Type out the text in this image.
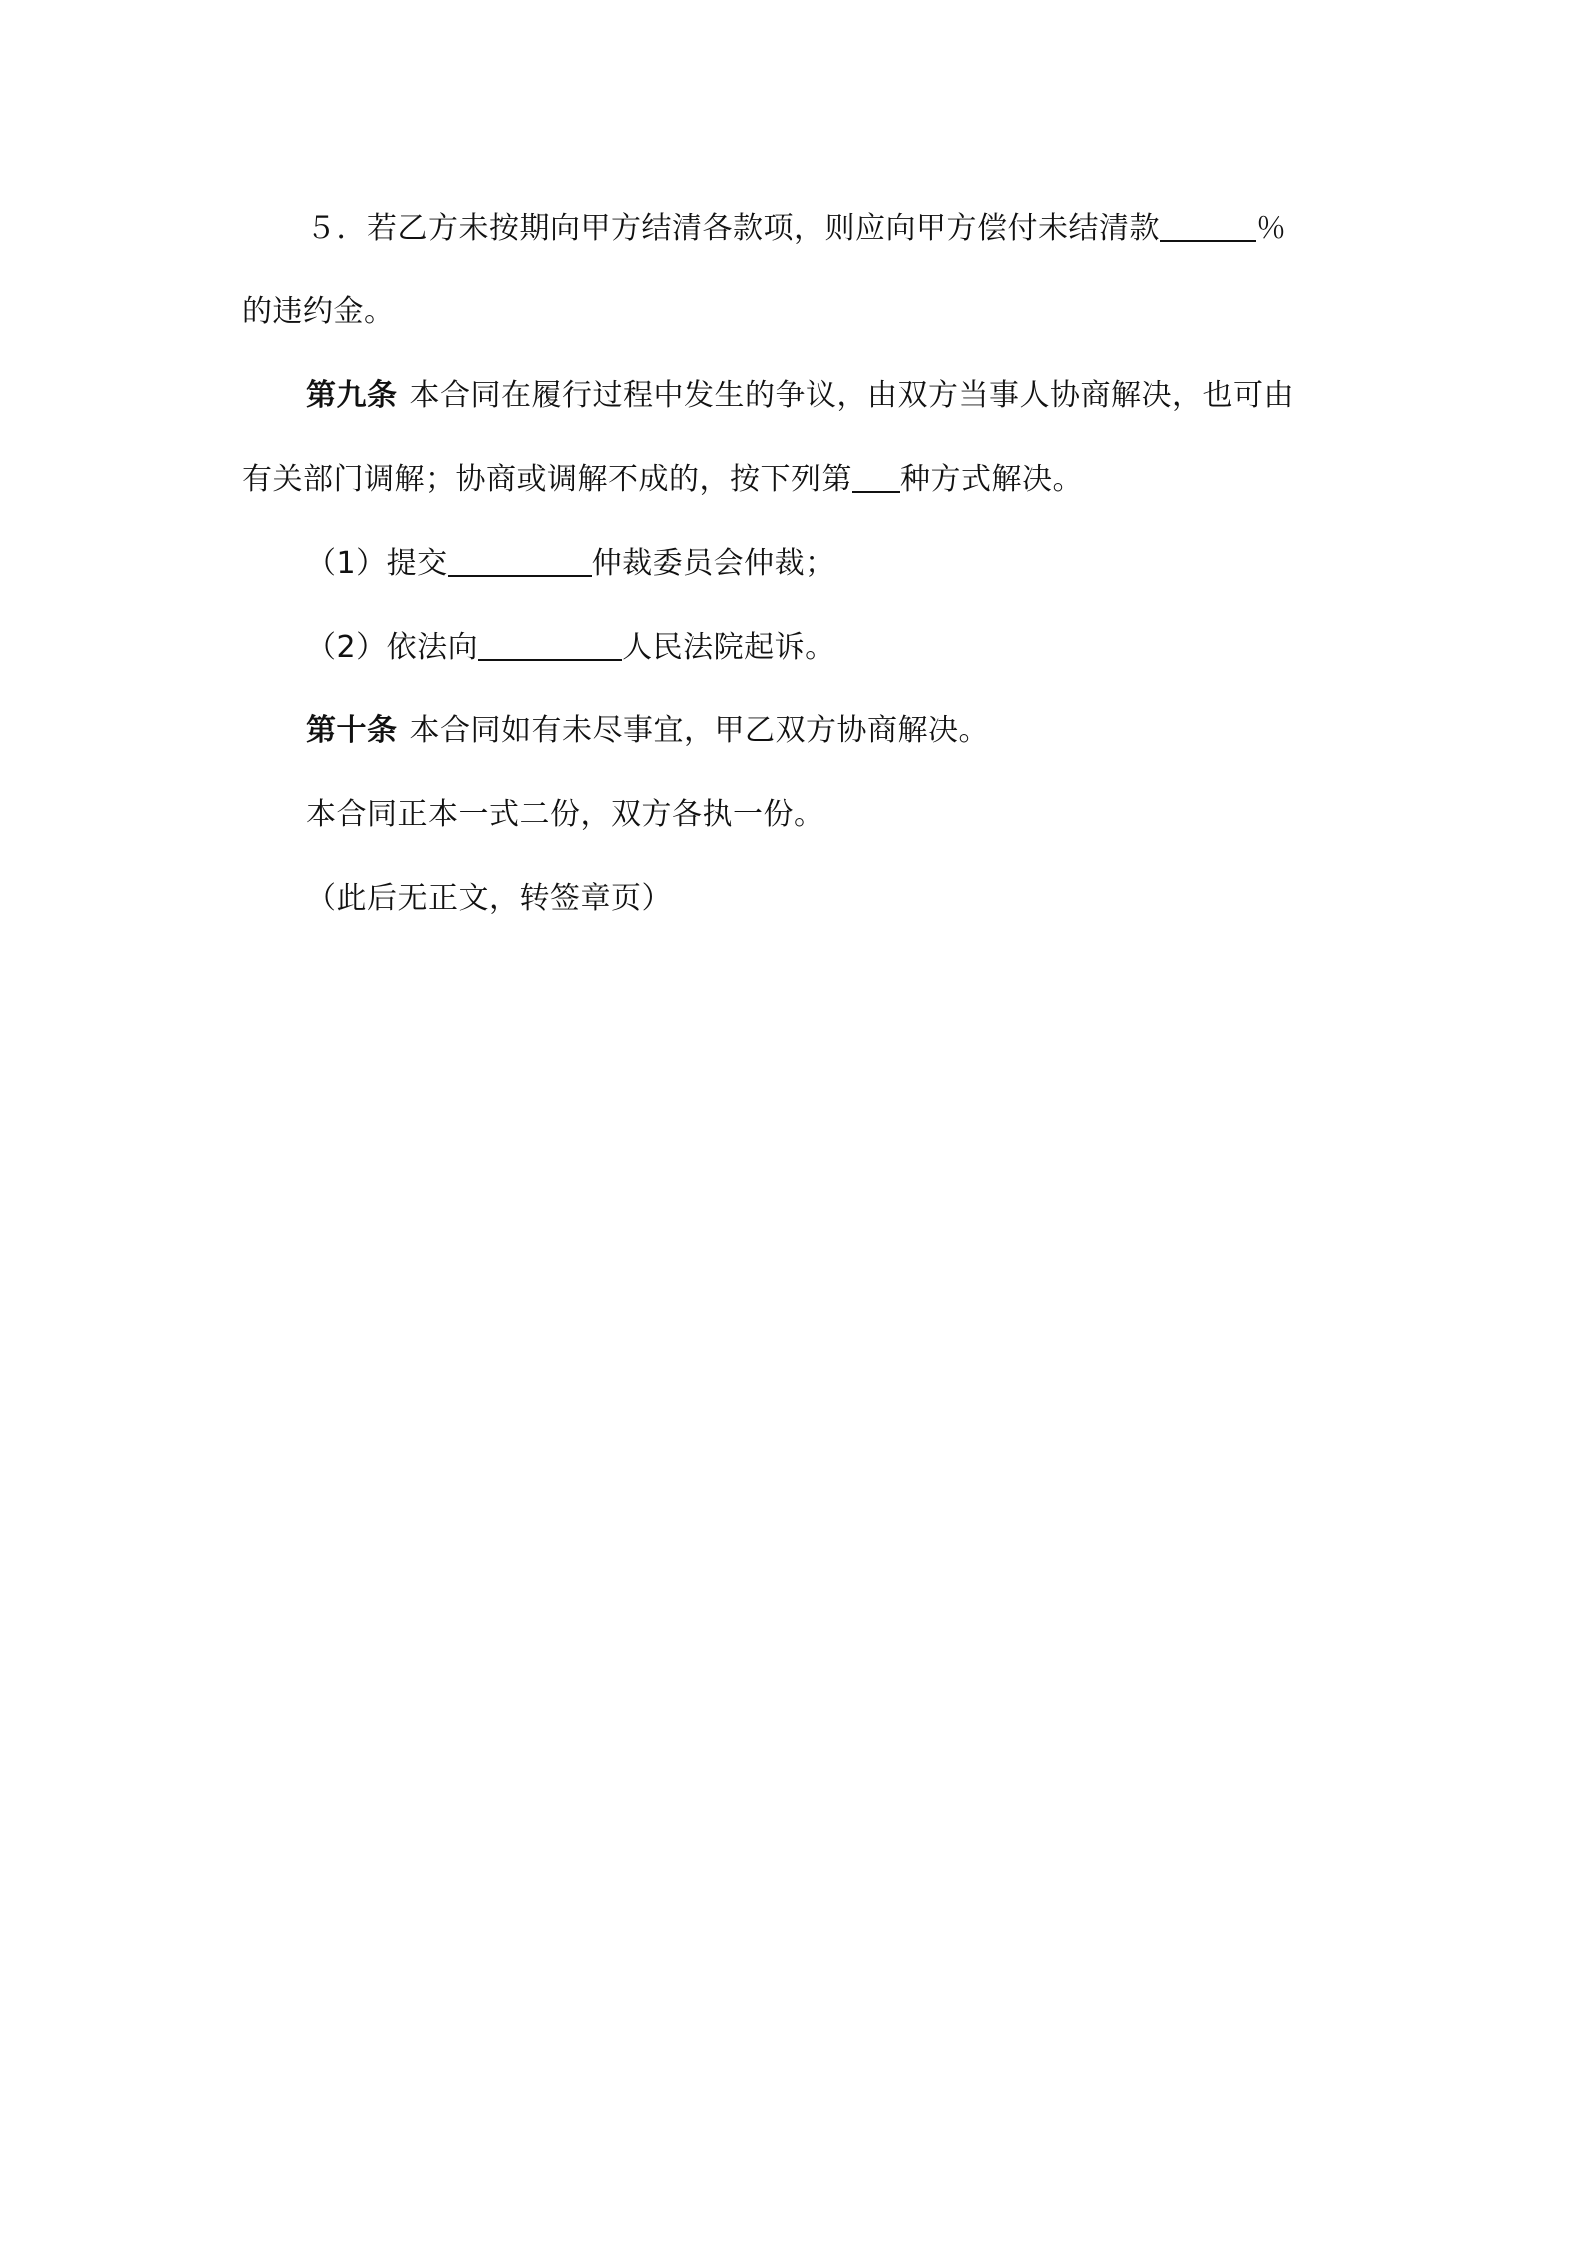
５．若乙方未按期向甲方结清各款项，则应向甲方偿付未结清款	％
的违约金。
第九条 本合同在履行过程中发生的争议，由双方当事人协商解决，也可由
有关部门调解；协商或调解不成的，按下列第 种方式解决。
（1）提交	仲裁委员会仲裁；
（2）依法向	人民法院起诉。
第十条 本合同如有未尽事宜，甲乙双方协商解决。
本合同正本一式二份，双方各执一份。
（此后无正文，转签章页）
